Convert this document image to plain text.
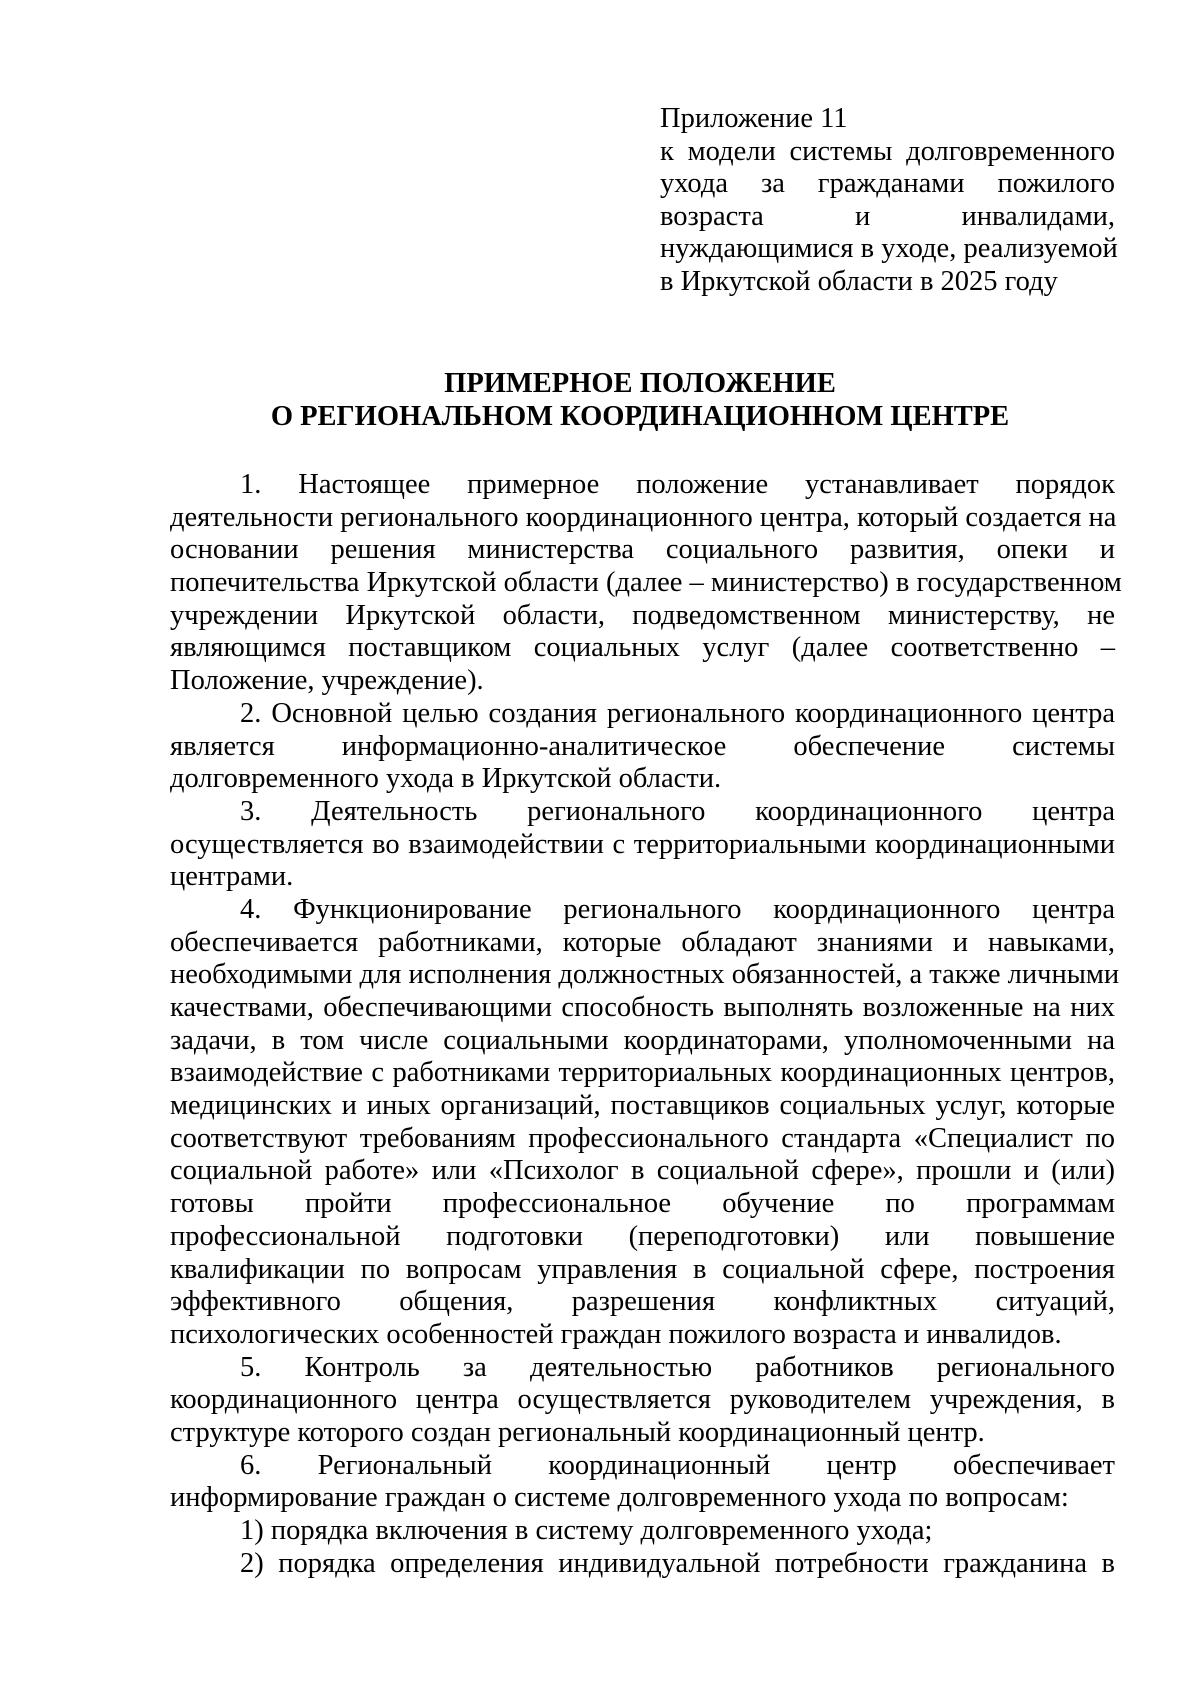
Приложение 11
к модели системы долговременного
ухода за гражданами пожилого
возраста и инвалидами,
нуждающимися в уходе, реализуемой
в Иркутской области в 2025 году
ПРИМЕРНОЕ ПОЛОЖЕНИЕ
О РЕГИОНАЛЬНОМ КООРДИНАЦИОННОМ ЦЕНТРЕ
1. Настоящее примерное положение устанавливает порядок
деятельности регионального координационного центра, который создается на
основании решения министерства социального развития, опеки и
попечительства Иркутской области (далее – министерство) в государственном
учреждении Иркутской области, подведомственном министерству, не
являющимся поставщиком социальных услуг (далее соответственно –
Положение, учреждение).
2. Основной целью создания регионального координационного центра
является информационно-аналитическое обеспечение системы
долговременного ухода в Иркутской области.
3. Деятельность регионального координационного центра
осуществляется во взаимодействии с территориальными координационными
центрами.
4. Функционирование регионального координационного центра
обеспечивается работниками, которые обладают знаниями и навыками,
необходимыми для исполнения должностных обязанностей, а также личными
качествами, обеспечивающими способность выполнять возложенные на них
задачи, в том числе социальными координаторами, уполномоченными на
взаимодействие с работниками территориальных координационных центров,
медицинских и иных организаций, поставщиков социальных услуг, которые
соответствуют требованиям профессионального стандарта «Специалист по
социальной работе» или «Психолог в социальной сфере», прошли и (или)
готовы пройти профессиональное обучение по программам
профессиональной подготовки (переподготовки) или повышение
квалификации по вопросам управления в социальной сфере, построения
эффективного общения, разрешения конфликтных ситуаций,
психологических особенностей граждан пожилого возраста и инвалидов.
5. Контроль за деятельностью работников регионального
координационного центра осуществляется руководителем учреждения, в
структуре которого создан региональный координационный центр.
6. Региональный координационный центр обеспечивает
информирование граждан о системе долговременного ухода по вопросам:
1) порядка включения в систему долговременного ухода;
2) порядка определения индивидуальной потребности гражданина в
